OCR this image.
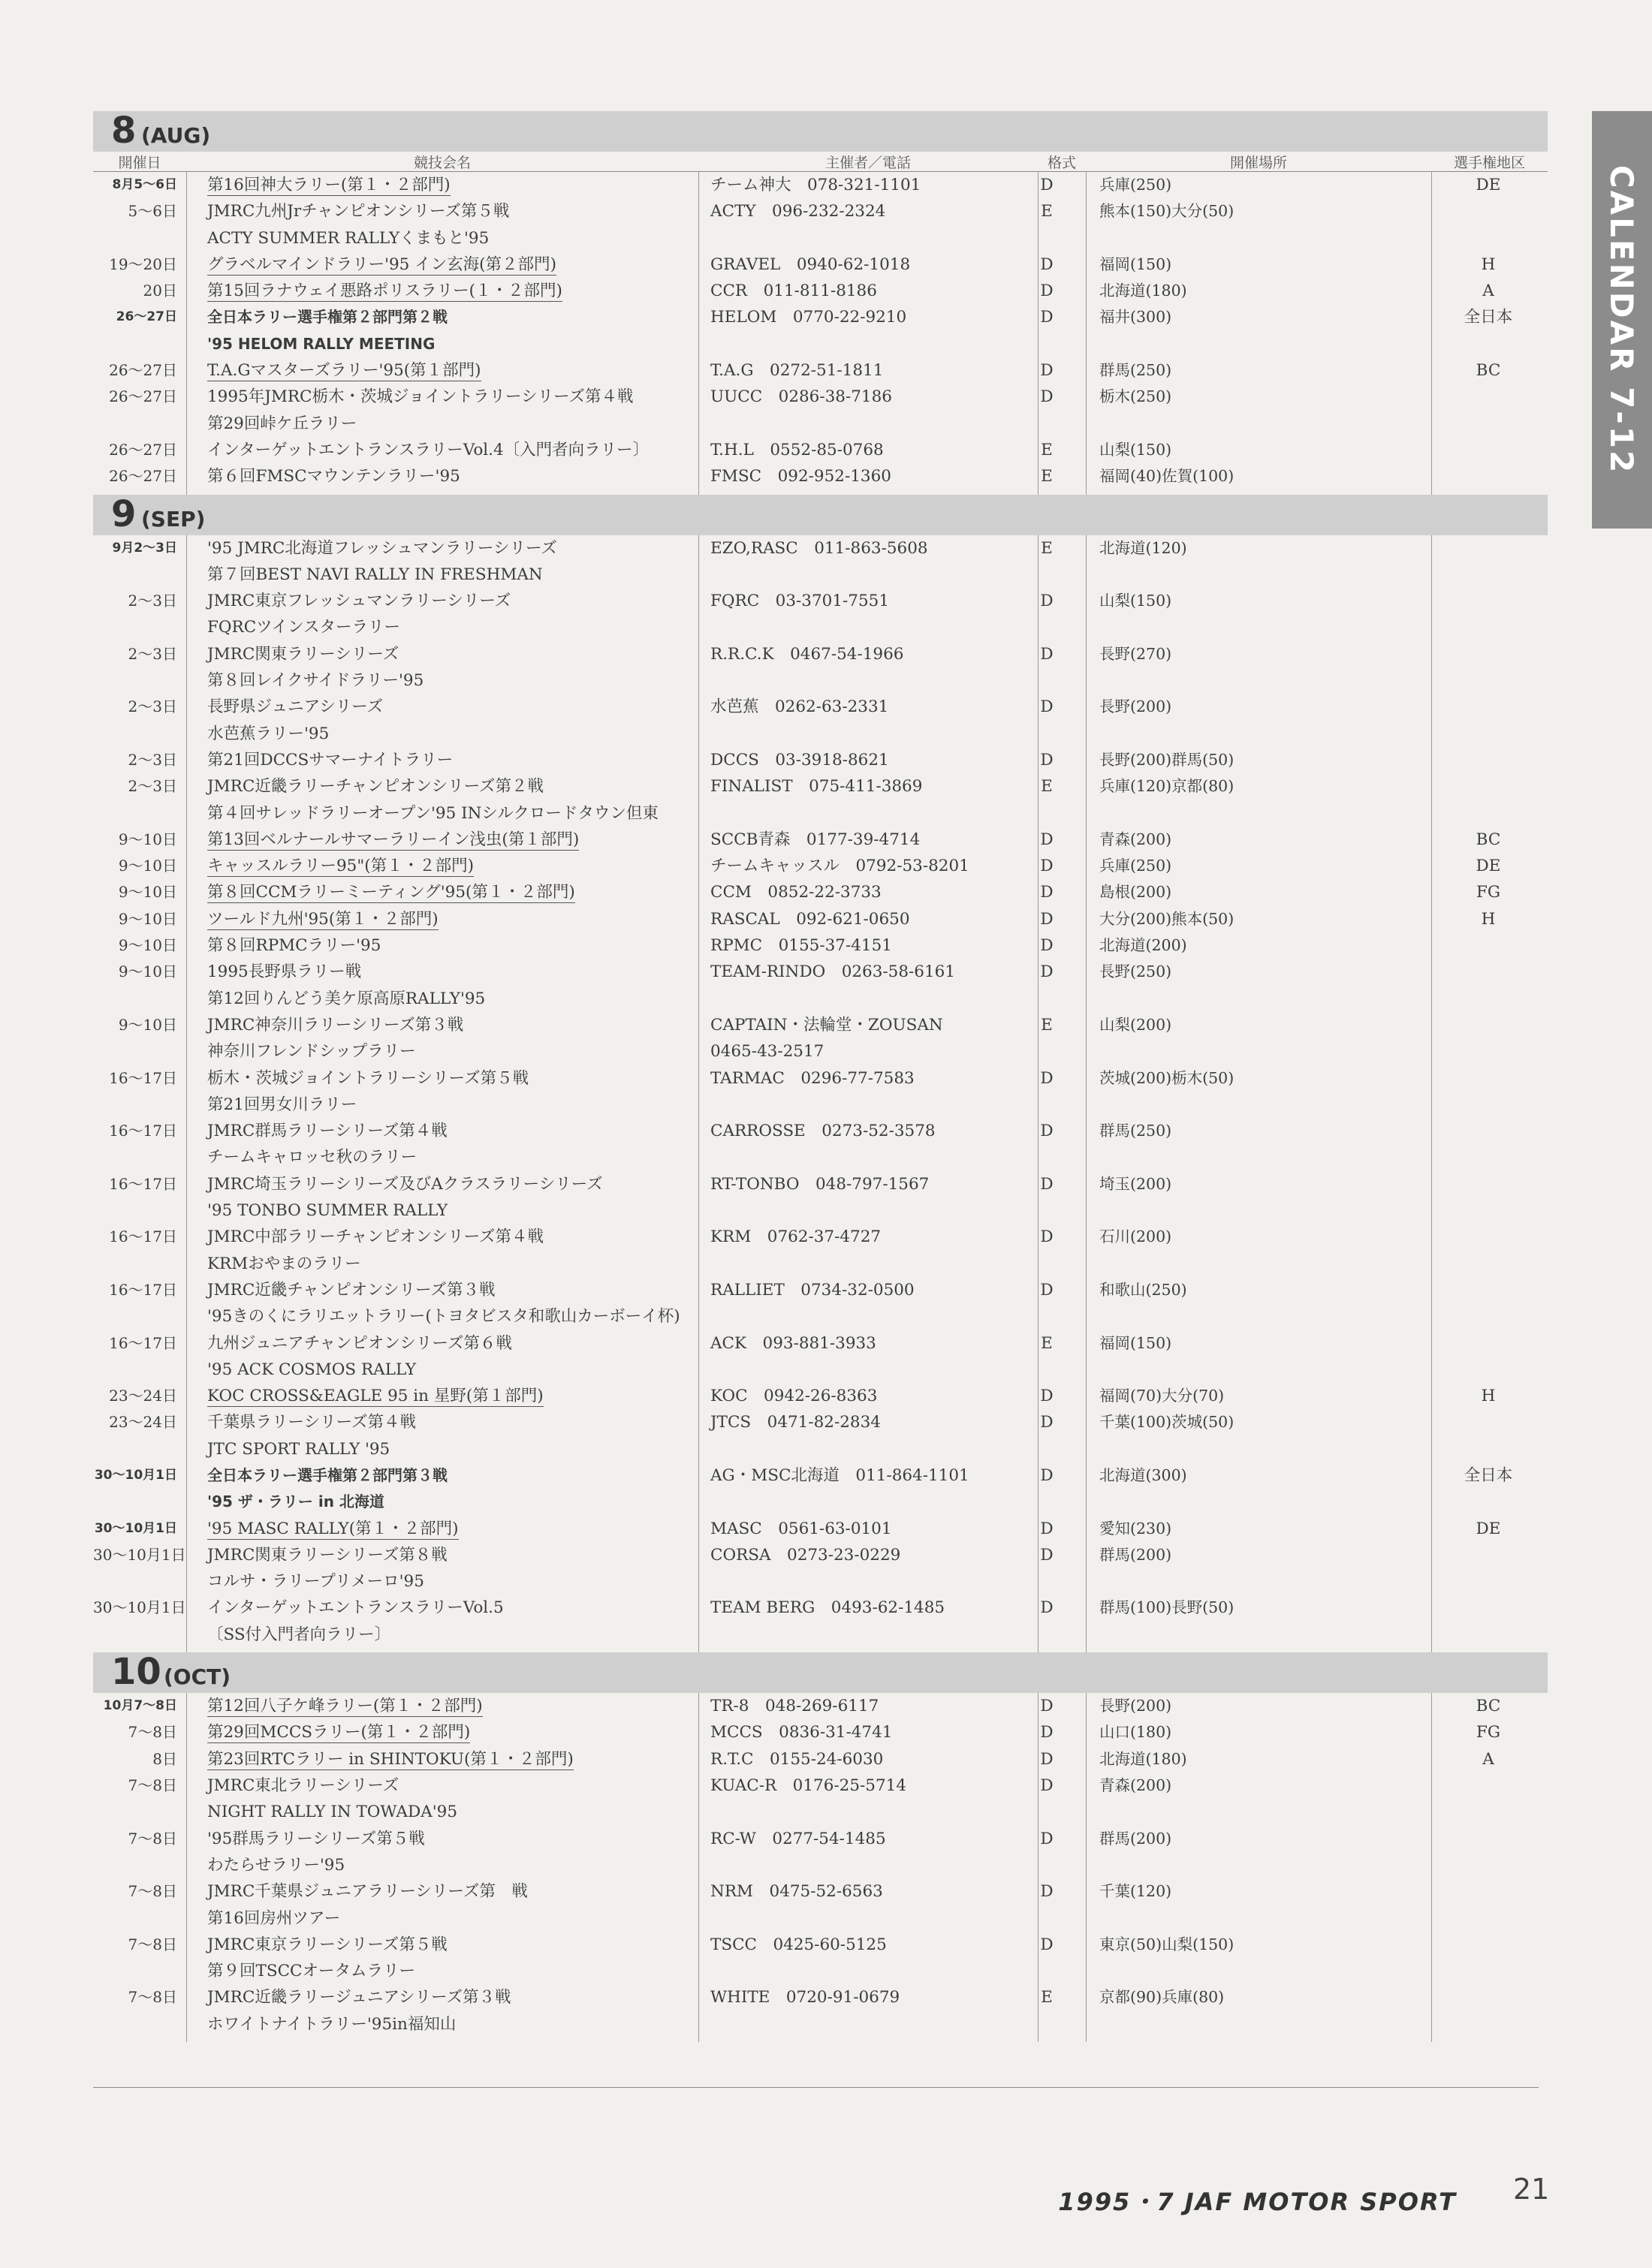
CALENDAR 7-12
8 (AUG)
開催日	競技会名	主催者／電話	格式	開催場所	選手権地区
8月5〜6日 第16回神大ラリー(第１・２部門)	チーム神大　078-321-1101	D	兵庫(250)	DE
5〜6日 JMRC九州Jrチャンピオンシリーズ第５戦	ACTY　096-232-2324	E	熊本(150)大分(50)
ACTY SUMMER RALLYくまもと'95
19〜20日 グラベルマインドラリー'95 イン玄海(第２部門)	GRAVEL　0940-62-1018	D	福岡(150)	H
20日 第15回ラナウェイ悪路ポリスラリー(１・２部門)	CCR　011-811-8186	D	北海道(180)	A
26〜27日 全日本ラリー選手権第２部門第２戦	HELOM　0770-22-9210	D	福井(300)	全日本
'95 HELOM RALLY MEETING
26〜27日 T.A.Gマスターズラリー'95(第１部門)	T.A.G　0272-51-1811	D	群馬(250)	BC
26〜27日 1995年JMRC栃木・茨城ジョイントラリーシリーズ第４戦	UUCC　0286-38-7186	D	栃木(250)
第29回峠ケ丘ラリー
26〜27日 インターゲットエントランスラリーVol.4〔入門者向ラリー〕	T.H.L　0552-85-0768	E	山梨(150)
26〜27日 第６回FMSCマウンテンラリー'95	FMSC　092-952-1360	E	福岡(40)佐賀(100)
9 (SEP)
9月2〜3日 '95 JMRC北海道フレッシュマンラリーシリーズ	EZO,RASC　011-863-5608	E	北海道(120)
第７回BEST NAVI RALLY IN FRESHMAN
2〜3日 JMRC東京フレッシュマンラリーシリーズ	FQRC　03-3701-7551	D	山梨(150)
FQRCツインスターラリー
2〜3日 JMRC関東ラリーシリーズ	R.R.C.K　0467-54-1966	D	長野(270)
第８回レイクサイドラリー'95
2〜3日 長野県ジュニアシリーズ	水芭蕉　0262-63-2331	D	長野(200)
水芭蕉ラリー'95
2〜3日 第21回DCCSサマーナイトラリー	DCCS　03-3918-8621	D	長野(200)群馬(50)
2〜3日 JMRC近畿ラリーチャンピオンシリーズ第２戦	FINALIST　075-411-3869	E	兵庫(120)京都(80)
第４回サレッドラリーオープン'95 INシルクロードタウン但東
9〜10日 第13回ベルナールサマーラリーイン浅虫(第１部門)	SCCB青森　0177-39-4714	D	青森(200)	BC
9〜10日 キャッスルラリー95"(第１・２部門)	チームキャッスル　0792-53-8201	D	兵庫(250)	DE
9〜10日 第８回CCMラリーミーティング'95(第１・２部門)	CCM　0852-22-3733	D	島根(200)	FG
9〜10日 ツールド九州'95(第１・２部門)	RASCAL　092-621-0650	D	大分(200)熊本(50)	H
9〜10日 第８回RPMCラリー'95	RPMC　0155-37-4151	D	北海道(200)
9〜10日 1995長野県ラリー戦	TEAM-RINDO　0263-58-6161	D	長野(250)
第12回りんどう美ケ原高原RALLY'95
9〜10日 JMRC神奈川ラリーシリーズ第３戦	CAPTAIN・法輪堂・ZOUSAN	E	山梨(200)
神奈川フレンドシップラリー	0465-43-2517
16〜17日 栃木・茨城ジョイントラリーシリーズ第５戦	TARMAC　0296-77-7583	D	茨城(200)栃木(50)
第21回男女川ラリー
16〜17日 JMRC群馬ラリーシリーズ第４戦	CARROSSE　0273-52-3578	D	群馬(250)
チームキャロッセ秋のラリー
16〜17日 JMRC埼玉ラリーシリーズ及びAクラスラリーシリーズ	RT-TONBO　048-797-1567	D	埼玉(200)
'95 TONBO SUMMER RALLY
16〜17日 JMRC中部ラリーチャンピオンシリーズ第４戦	KRM　0762-37-4727	D	石川(200)
KRMおやまのラリー
16〜17日 JMRC近畿チャンピオンシリーズ第３戦	RALLIET　0734-32-0500	D	和歌山(250)
'95きのくにラリエットラリー(トヨタビスタ和歌山カーボーイ杯)
16〜17日 九州ジュニアチャンピオンシリーズ第６戦	ACK　093-881-3933	E	福岡(150)
'95 ACK COSMOS RALLY
23〜24日 KOC CROSS&EAGLE 95 in 星野(第１部門)	KOC　0942-26-8363	D	福岡(70)大分(70)	H
23〜24日 千葉県ラリーシリーズ第４戦	JTCS　0471-82-2834	D	千葉(100)茨城(50)
JTC SPORT RALLY '95
30〜10月1日 全日本ラリー選手権第２部門第３戦	AG・MSC北海道　011-864-1101	D	北海道(300)	全日本
'95 ザ・ラリー in 北海道
30〜10月1日 '95 MASC RALLY(第１・２部門)	MASC　0561-63-0101	D	愛知(230)	DE
30〜10月1日 JMRC関東ラリーシリーズ第８戦	CORSA　0273-23-0229	D	群馬(200)
コルサ・ラリープリメーロ'95
30〜10月1日 インターゲットエントランスラリーVol.5	TEAM BERG　0493-62-1485	D	群馬(100)長野(50)
〔SS付入門者向ラリー〕
10 (OCT)
10月7〜8日 第12回八子ケ峰ラリー(第１・２部門)	TR-8　048-269-6117	D	長野(200)	BC
7〜8日 第29回MCCSラリー(第１・２部門)	MCCS　0836-31-4741	D	山口(180)	FG
8日 第23回RTCラリー in SHINTOKU(第１・２部門)	R.T.C　0155-24-6030	D	北海道(180)	A
7〜8日 JMRC東北ラリーシリーズ	KUAC-R　0176-25-5714	D	青森(200)
NIGHT RALLY IN TOWADA'95
7〜8日 '95群馬ラリーシリーズ第５戦	RC-W　0277-54-1485	D	群馬(200)
わたらせラリー'95
7〜8日 JMRC千葉県ジュニアラリーシリーズ第　戦	NRM　0475-52-6563	D	千葉(120)
第16回房州ツアー
7〜8日 JMRC東京ラリーシリーズ第５戦	TSCC　0425-60-5125	D	東京(50)山梨(150)
第９回TSCCオータムラリー
7〜8日 JMRC近畿ラリージュニアシリーズ第３戦	WHITE　0720-91-0679	E	京都(90)兵庫(80)
ホワイトナイトラリー'95in福知山
1995・7 JAF MOTOR SPORT 21
